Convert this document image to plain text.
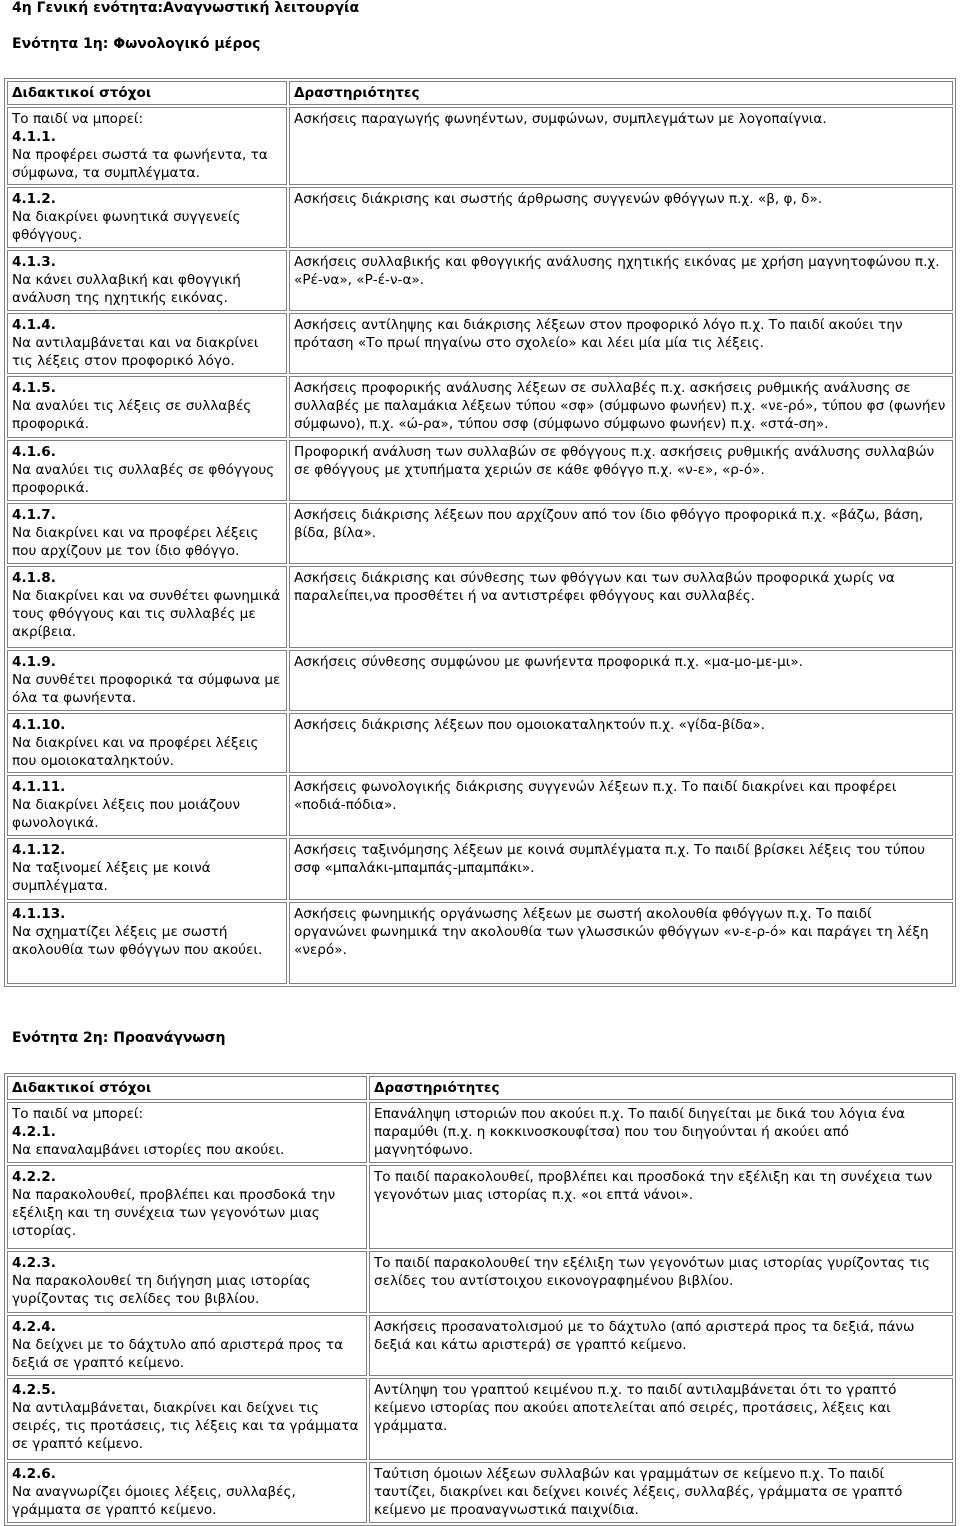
4η Γενική ενότητα:Αναγνωστική λειτουργία
Ενότητα 1η: Φωνολογικό μέρος
Διδακτικοί στόχοι	Δραστηριότητες

Το παιδί να μπορεί:
4.1.1.
Να προφέρει σωστά τα φωνήεντα, τα σύμφωνα, τα συμπλέγματα.	Ασκήσεις παραγωγής φωνηέντων, συμφώνων, συμπλεγμάτων με λογοπαίγνια.

4.1.2.
Να διακρίνει φωνητικά συγγενείς φθόγγους.	Ασκήσεις διάκρισης και σωστής άρθρωσης συγγενών φθόγγων π.χ. «β, φ, δ».

4.1.3.
Να κάνει συλλαβική και φθογγική ανάλυση της ηχητικής εικόνας.	Ασκήσεις συλλαβικής και φθογγικής ανάλυσης ηχητικής εικόνας με χρήση μαγνητοφώνου π.χ. «Ρέ-να», «Ρ-έ-ν-α».

4.1.4.
Να αντιλαμβάνεται και να διακρίνει τις λέξεις στον προφορικό λόγο.	Ασκήσεις αντίληψης και διάκρισης λέξεων στον προφορικό λόγο π.χ. Το παιδί ακούει την πρόταση «Το πρωί πηγαίνω στο σχολείο» και λέει μία μία τις λέξεις.

4.1.5.
Να αναλύει τις λέξεις σε συλλαβές προφορικά.	Ασκήσεις προφορικής ανάλυσης λέξεων σε συλλαβές π.χ. ασκήσεις ρυθμικής ανάλυσης σε συλλαβές με παλαμάκια λέξεων τύπου «σφ» (σύμφωνο φωνήεν) π.χ. «νε-ρό», τύπου φσ (φωνήεν σύμφωνο), π.χ. «ώ-ρα», τύπου σσφ (σύμφωνο σύμφωνο φωνήεν) π.χ. «στά-ση».

4.1.6.
Να αναλύει τις συλλαβές σε φθόγγους προφορικά.	Προφορική ανάλυση των συλλαβών σε φθόγγους π.χ. ασκήσεις ρυθμικής ανάλυσης συλλαβών σε φθόγγους με χτυπήματα χεριών σε κάθε φθόγγο π.χ. «ν-ε», «ρ-ό».

4.1.7.
Να διακρίνει και να προφέρει λέξεις που αρχίζουν με τον ίδιο φθόγγο.	Ασκήσεις διάκρισης λέξεων που αρχίζουν από τον ίδιο φθόγγο προφορικά π.χ. «βάζω, βάση, βίδα, βίλα».

4.1.8.
Να διακρίνει και να συνθέτει φωνημικά τους φθόγγους και τις συλλαβές με ακρίβεια.	Ασκήσεις διάκρισης και σύνθεσης των φθόγγων και των συλλαβών προφορικά χωρίς να παραλείπει,να προσθέτει ή να αντιστρέφει φθόγγους και συλλαβές.

4.1.9.
Να συνθέτει προφορικά τα σύμφωνα με όλα τα φωνήεντα.	Ασκήσεις σύνθεσης συμφώνου με φωνήεντα προφορικά π.χ. «μα-μο-με-μι».

4.1.10.
Να διακρίνει και να προφέρει λέξεις που ομοιοκαταληκτούν.	Ασκήσεις διάκρισης λέξεων που ομοιοκαταληκτούν π.χ. «γίδα-βίδα».

4.1.11.
Να διακρίνει λέξεις που μοιάζουν φωνολογικά.	Ασκήσεις φωνολογικής διάκρισης συγγενών λέξεων π.χ. Το παιδί διακρίνει και προφέρει «ποδιά-πόδια».

4.1.12.
Να ταξινομεί λέξεις με κοινά συμπλέγματα.	Ασκήσεις ταξινόμησης λέξεων με κοινά συμπλέγματα π.χ. Το παιδί βρίσκει λέξεις του τύπου σσφ «μπαλάκι-μπαμπάς-μπαμπάκι».

4.1.13.
Να σχηματίζει λέξεις με σωστή ακολουθία των φθόγγων που ακούει.	Ασκήσεις φωνημικής οργάνωσης λέξεων με σωστή ακολουθία φθόγγων π.χ. Το παιδί οργανώνει φωνημικά την ακολουθία των γλωσσικών φθόγγων «ν-ε-ρ-ό» και παράγει τη λέξη «νερό».
Ενότητα 2η: Προανάγνωση
Διδακτικοί στόχοι	Δραστηριότητες

Το παιδί να μπορεί:
4.2.1.
Να επαναλαμβάνει ιστορίες που ακούει.	Επανάληψη ιστοριών που ακούει π.χ. Το παιδί διηγείται με δικά του λόγια ένα παραμύθι (π.χ. η κοκκινοσκουφίτσα) που του διηγούνται ή ακούει από μαγνητόφωνο.

4.2.2.
Να παρακολουθεί, προβλέπει και προσδοκά την εξέλιξη και τη συνέχεια των γεγονότων μιας ιστορίας.	Το παιδί παρακολουθεί, προβλέπει και προσδοκά την εξέλιξη και τη συνέχεια των γεγονότων μιας ιστορίας π.χ. «οι επτά νάνοι».

4.2.3.
Να παρακολουθεί τη διήγηση μιας ιστορίας γυρίζοντας τις σελίδες του βιβλίου.	Το παιδί παρακολουθεί την εξέλιξη των γεγονότων μιας ιστορίας γυρίζοντας τις σελίδες του αντίστοιχου εικονογραφημένου βιβλίου.

4.2.4.
Να δείχνει με το δάχτυλο από αριστερά προς τα δεξιά σε γραπτό κείμενο.	Ασκήσεις προσανατολισμού με το δάχτυλο (από αριστερά προς τα δεξιά, πάνω δεξιά και κάτω αριστερά) σε γραπτό κείμενο.

4.2.5.
Να αντιλαμβάνεται, διακρίνει και δείχνει τις σειρές, τις προτάσεις, τις λέξεις και τα γράμματα σε γραπτό κείμενο.	Αντίληψη του γραπτού κειμένου π.χ. το παιδί αντιλαμβάνεται ότι το γραπτό κείμενο ιστορίας που ακούει αποτελείται από σειρές, προτάσεις, λέξεις και γράμματα.

4.2.6.
Να αναγνωρίζει όμοιες λέξεις, συλλαβές, γράμματα σε γραπτό κείμενο.	Ταύτιση όμοιων λέξεων συλλαβών και γραμμάτων σε κείμενο π.χ. Το παιδί ταυτίζει, διακρίνει και δείχνει κοινές λέξεις, συλλαβές, γράμματα σε γραπτό κείμενο με προαναγνωστικά παιχνίδια.
